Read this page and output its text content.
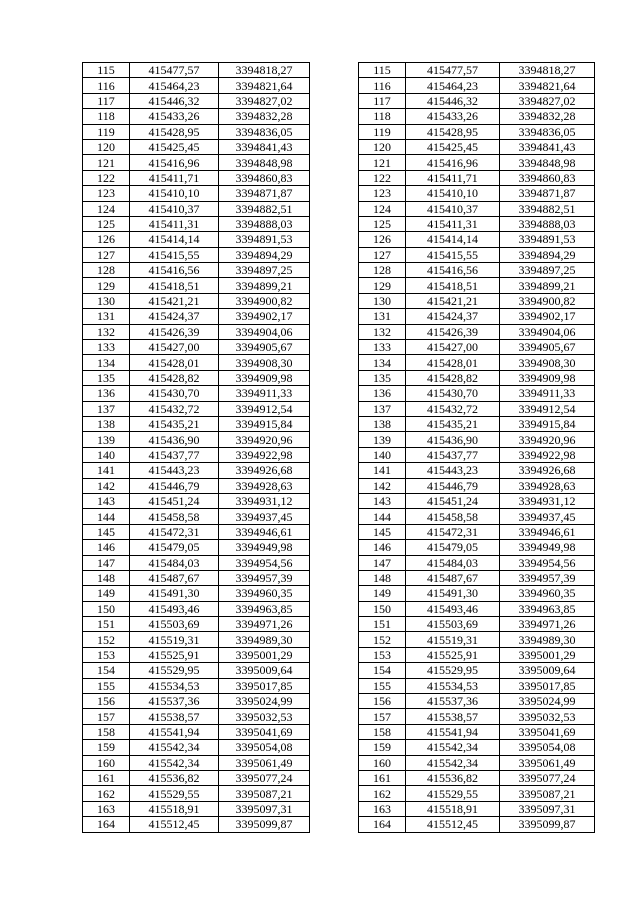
115	415477,57	3394818,27
116	415464,23	3394821,64
117	415446,32	3394827,02
118	415433,26	3394832,28
119	415428,95	3394836,05
120	415425,45	3394841,43
121	415416,96	3394848,98
122	415411,71	3394860,83
123	415410,10	3394871,87
124	415410,37	3394882,51
125	415411,31	3394888,03
126	415414,14	3394891,53
127	415415,55	3394894,29
128	415416,56	3394897,25
129	415418,51	3394899,21
130	415421,21	3394900,82
131	415424,37	3394902,17
132	415426,39	3394904,06
133	415427,00	3394905,67
134	415428,01	3394908,30
135	415428,82	3394909,98
136	415430,70	3394911,33
137	415432,72	3394912,54
138	415435,21	3394915,84
139	415436,90	3394920,96
140	415437,77	3394922,98
141	415443,23	3394926,68
142	415446,79	3394928,63
143	415451,24	3394931,12
144	415458,58	3394937,45
145	415472,31	3394946,61
146	415479,05	3394949,98
147	415484,03	3394954,56
148	415487,67	3394957,39
149	415491,30	3394960,35
150	415493,46	3394963,85
151	415503,69	3394971,26
152	415519,31	3394989,30
153	415525,91	3395001,29
154	415529,95	3395009,64
155	415534,53	3395017,85
156	415537,36	3395024,99
157	415538,57	3395032,53
158	415541,94	3395041,69
159	415542,34	3395054,08
160	415542,34	3395061,49
161	415536,82	3395077,24
162	415529,55	3395087,21
163	415518,91	3395097,31
164	415512,45	3395099,87
115	415477,57	3394818,27
116	415464,23	3394821,64
117	415446,32	3394827,02
118	415433,26	3394832,28
119	415428,95	3394836,05
120	415425,45	3394841,43
121	415416,96	3394848,98
122	415411,71	3394860,83
123	415410,10	3394871,87
124	415410,37	3394882,51
125	415411,31	3394888,03
126	415414,14	3394891,53
127	415415,55	3394894,29
128	415416,56	3394897,25
129	415418,51	3394899,21
130	415421,21	3394900,82
131	415424,37	3394902,17
132	415426,39	3394904,06
133	415427,00	3394905,67
134	415428,01	3394908,30
135	415428,82	3394909,98
136	415430,70	3394911,33
137	415432,72	3394912,54
138	415435,21	3394915,84
139	415436,90	3394920,96
140	415437,77	3394922,98
141	415443,23	3394926,68
142	415446,79	3394928,63
143	415451,24	3394931,12
144	415458,58	3394937,45
145	415472,31	3394946,61
146	415479,05	3394949,98
147	415484,03	3394954,56
148	415487,67	3394957,39
149	415491,30	3394960,35
150	415493,46	3394963,85
151	415503,69	3394971,26
152	415519,31	3394989,30
153	415525,91	3395001,29
154	415529,95	3395009,64
155	415534,53	3395017,85
156	415537,36	3395024,99
157	415538,57	3395032,53
158	415541,94	3395041,69
159	415542,34	3395054,08
160	415542,34	3395061,49
161	415536,82	3395077,24
162	415529,55	3395087,21
163	415518,91	3395097,31
164	415512,45	3395099,87
